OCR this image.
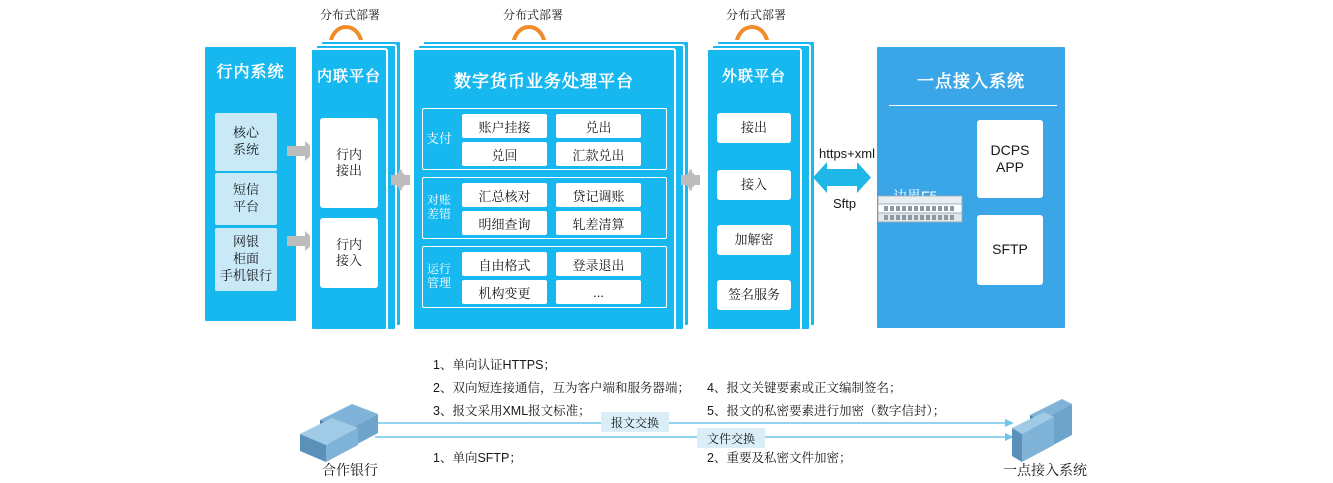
分布式部署	分布式部署	分布式部署
行内系统
核心
系统
短信
平台
网银
柜面
手机银行
内联平台
行内
接出
行内
接入
数字货币业务处理平台
支付
账户挂接	兑出
兑回	汇款兑出
对账差错
汇总核对	贷记调账
明细查询	轧差清算
运行管理
自由格式	登录退出
机构变更	...
外联平台
接出
接入
加解密
签名服务
https+xml
Sftp
一点接入系统
DCPS
APP
SFTP
1、单向认证HTTPS；
2、双向短连接通信，互为客户端和服务器端；
3、报文采用XML报文标准；
4、报文关键要素或正文编制签名；
5、报文的私密要素进行加密（数字信封）；
1、单向SFTP；	2、重要及私密文件加密；
报文交换
文件交换
合作银行	一点接入系统
